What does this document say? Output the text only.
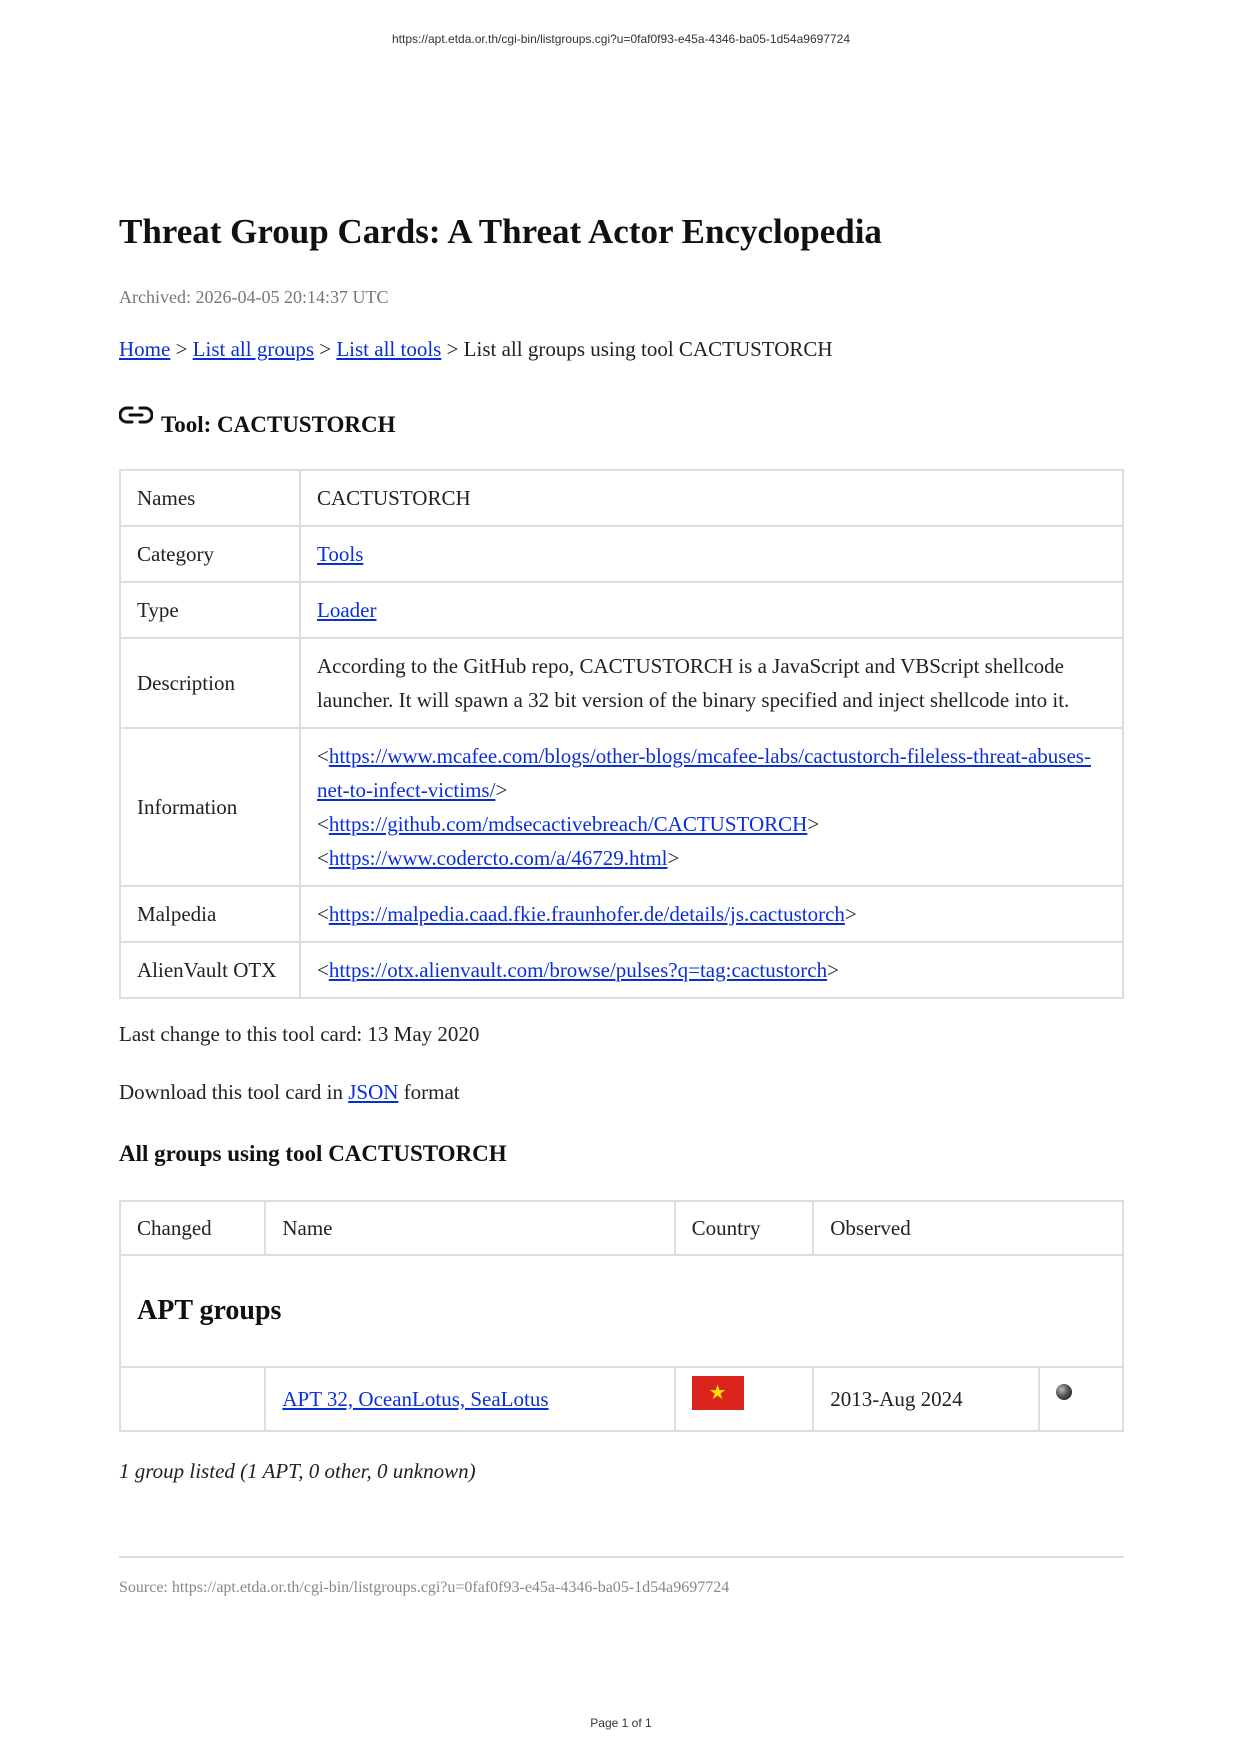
https://apt.etda.or.th/cgi-bin/listgroups.cgi?u=0faf0f93-e45a-4346-ba05-1d54a9697724
Threat Group Cards: A Threat Actor Encyclopedia
Archived: 2026-04-05 20:14:37 UTC
Home > List all groups > List all tools > List all groups using tool CACTUSTORCH
Tool: CACTUSTORCH
Names	CACTUSTORCH
Category	Tools
Type	Loader
Description	According to the GitHub repo, CACTUSTORCH is a JavaScript and VBScript shellcode launcher. It will spawn a 32 bit version of the binary specified and inject shellcode into it.
Information	<https://www.mcafee.com/blogs/other-blogs/mcafee-labs/cactustorch-fileless-threat-abuses-net-to-infect-victims/>
<https://github.com/mdsecactivebreach/CACTUSTORCH>
<https://www.codercto.com/a/46729.html>

Malpedia	<https://malpedia.caad.fkie.fraunhofer.de/details/js.cactustorch>
AlienVault OTX	<https://otx.alienvault.com/browse/pulses?q=tag:cactustorch>
Last change to this tool card: 13 May 2020
Download this tool card in JSON format
All groups using tool CACTUSTORCH
Changed	Name	Country	Observed	
APT groups				
	APT 32, OceanLotus, SeaLotus	★	2013-Aug 2024	
1 group listed (1 APT, 0 other, 0 unknown)
Source: https://apt.etda.or.th/cgi-bin/listgroups.cgi?u=0faf0f93-e45a-4346-ba05-1d54a9697724
Page 1 of 1
